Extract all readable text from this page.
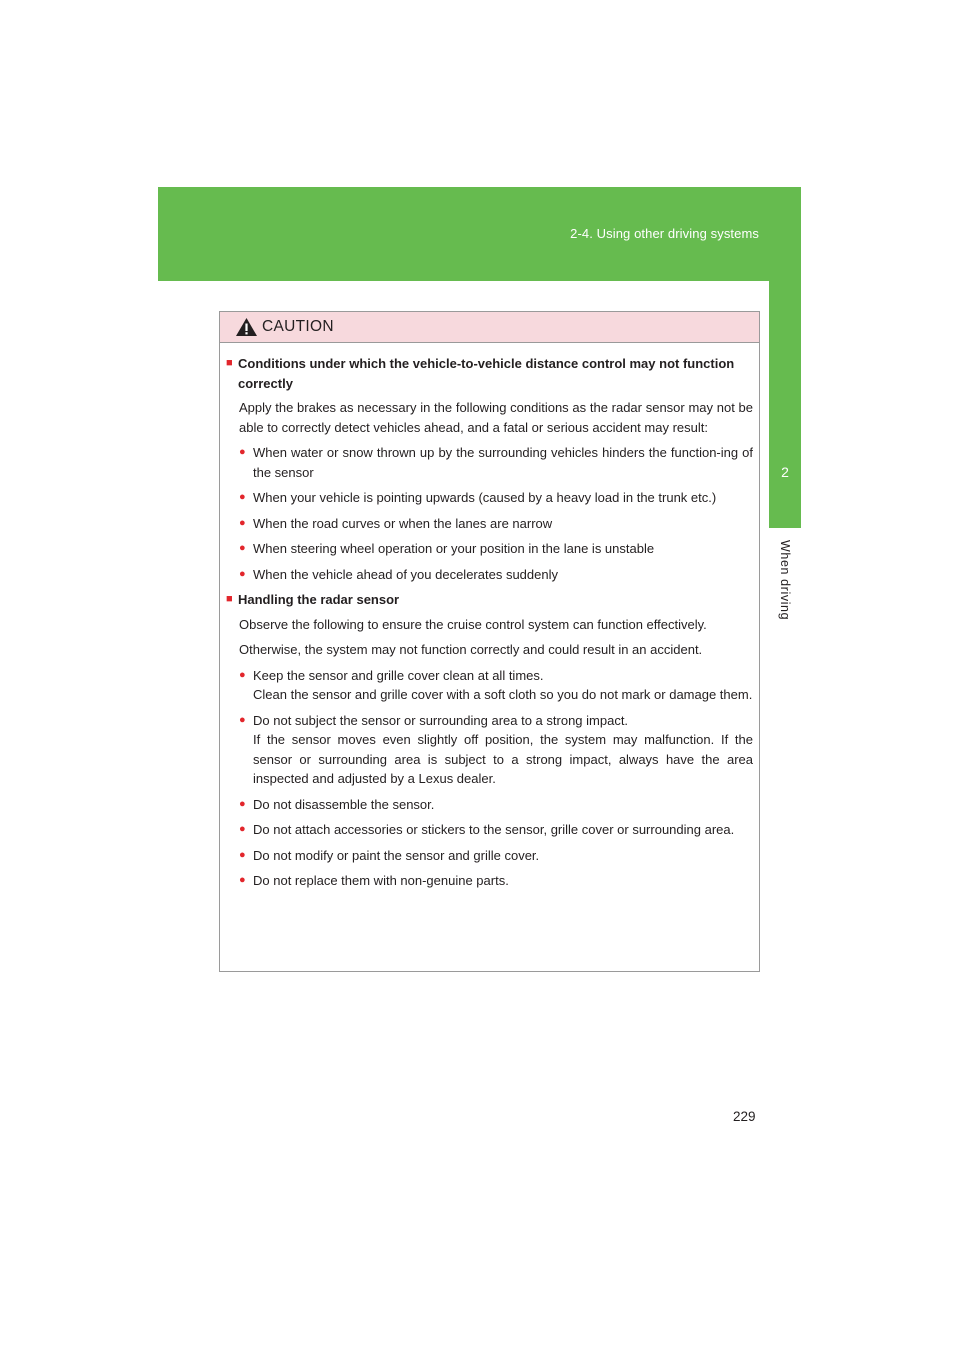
2-4. Using other driving systems
2
When driving
CAUTION
■ Conditions under which the vehicle-to-vehicle distance control may not function correctly
Apply the brakes as necessary in the following conditions as the radar sensor may not be able to correctly detect vehicles ahead, and a fatal or serious accident may result:
● When water or snow thrown up by the surrounding vehicles hinders the function-ing of the sensor
● When your vehicle is pointing upwards (caused by a heavy load in the trunk etc.)
● When the road curves or when the lanes are narrow
● When steering wheel operation or your position in the lane is unstable
● When the vehicle ahead of you decelerates suddenly
■ Handling the radar sensor
Observe the following to ensure the cruise control system can function effectively.
Otherwise, the system may not function correctly and could result in an accident.
● Keep the sensor and grille cover clean at all times.
Clean the sensor and grille cover with a soft cloth so you do not mark or damage them.
● Do not subject the sensor or surrounding area to a strong impact.
If the sensor moves even slightly off position, the system may malfunction. If the sensor or surrounding area is subject to a strong impact, always have the area inspected and adjusted by a Lexus dealer.
● Do not disassemble the sensor.
● Do not attach accessories or stickers to the sensor, grille cover or surrounding area.
● Do not modify or paint the sensor and grille cover.
● Do not replace them with non-genuine parts.
229
